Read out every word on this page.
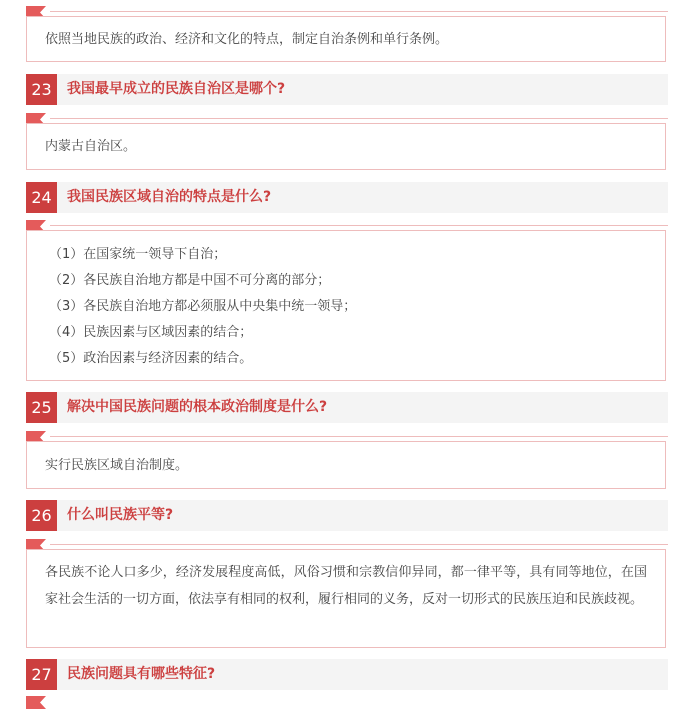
依照当地民族的政治、经济和文化的特点，制定自治条例和单行条例。
23	我国最早成立的民族自治区是哪个?
内蒙古自治区。
24	我国民族区域自治的特点是什么?
（1）在国家统一领导下自治；
（2）各民族自治地方都是中国不可分离的部分；
（3）各民族自治地方都必须服从中央集中统一领导；
（4）民族因素与区域因素的结合；
（5）政治因素与经济因素的结合。
25	解决中国民族问题的根本政治制度是什么?
实行民族区域自治制度。
26	什么叫民族平等?
各民族不论人口多少，经济发展程度高低，风俗习惯和宗教信仰异同，都一律平等，具有同等地位，在国家社会生活的一切方面，依法享有相同的权利，履行相同的义务，反对一切形式的民族压迫和民族歧视。
27	民族问题具有哪些特征?
